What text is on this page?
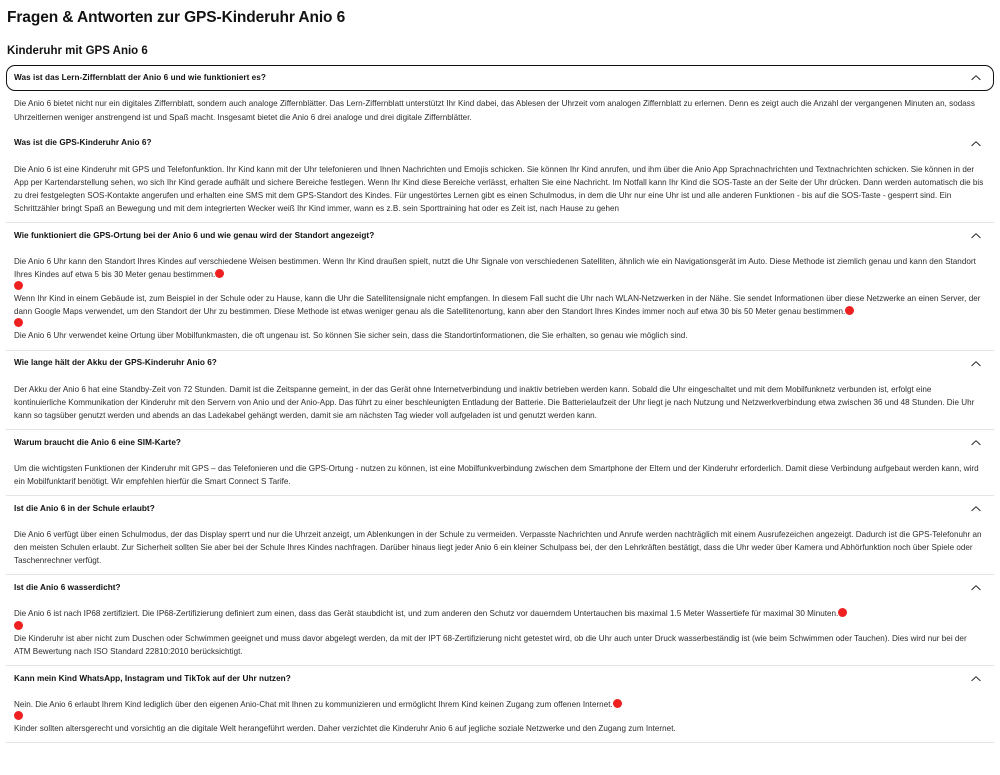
Fragen & Antworten zur GPS-Kinderuhr Anio 6
Kinderuhr mit GPS Anio 6
Was ist das Lern-Ziffernblatt der Anio 6 und wie funktioniert es?

Die Anio 6 bietet nicht nur ein digitales Ziffernblatt, sondern auch analoge Ziffernblätter. Das Lern-Ziffernblatt unterstützt Ihr Kind dabei, das Ablesen der Uhrzeit vom analogen Ziffernblatt zu erlernen. Denn es zeigt auch die Anzahl der vergangenen Minuten an, sodass Uhrzeitlernen weniger anstrengend ist und Spaß macht. Insgesamt bietet die Anio 6 drei analoge und drei digitale Ziffernblätter.

Was ist die GPS-Kinderuhr Anio 6?

Die Anio 6 ist eine Kinderuhr mit GPS und Telefonfunktion. Ihr Kind kann mit der Uhr telefonieren und Ihnen Nachrichten und Emojis schicken. Sie können Ihr Kind anrufen, und ihm über die Anio App Sprachnachrichten und Textnachrichten schicken. Sie können in der App per Kartendarstellung sehen, wo sich Ihr Kind gerade aufhält und sichere Bereiche festlegen. Wenn Ihr Kind diese Bereiche verlässt, erhalten Sie eine Nachricht. Im Notfall kann Ihr Kind die SOS-Taste an der Seite der Uhr drücken. Dann werden automatisch die bis zu drei festgelegten SOS-Kontakte angerufen und erhalten eine SMS mit dem GPS-Standort des Kindes. Für ungestörtes Lernen gibt es einen Schulmodus, in dem die Uhr nur eine Uhr ist und alle anderen Funktionen - bis auf die SOS-Taste - gesperrt sind. Ein Schrittzähler bringt Spaß an Bewegung und mit dem integrierten Wecker weiß Ihr Kind immer, wann es z.B. sein Sporttraining hat oder es Zeit ist, nach Hause zu gehen

Wie funktioniert die GPS-Ortung bei der Anio 6 und wie genau wird der Standort angezeigt?

Die Anio 6 Uhr kann den Standort Ihres Kindes auf verschiedene Weisen bestimmen. Wenn Ihr Kind draußen spielt, nutzt die Uhr Signale von verschiedenen Satelliten, ähnlich wie ein Navigationsgerät im Auto. Diese Methode ist ziemlich genau und kann den Standort Ihres Kindes auf etwa 5 bis 30 Meter genau bestimmen.

Wenn Ihr Kind in einem Gebäude ist, zum Beispiel in der Schule oder zu Hause, kann die Uhr die Satellitensignale nicht empfangen. In diesem Fall sucht die Uhr nach WLAN-Netzwerken in der Nähe. Sie sendet Informationen über diese Netzwerke an einen Server, der dann Google Maps verwendet, um den Standort der Uhr zu bestimmen. Diese Methode ist etwas weniger genau als die Satellitenortung, kann aber den Standort Ihres Kindes immer noch auf etwa 30 bis 50 Meter genau bestimmen.

Die Anio 6 Uhr verwendet keine Ortung über Mobilfunkmasten, die oft ungenau ist. So können Sie sicher sein, dass die Standortinformationen, die Sie erhalten, so genau wie möglich sind.

Wie lange hält der Akku der GPS-Kinderuhr Anio 6?

Der Akku der Anio 6 hat eine Standby-Zeit von 72 Stunden. Damit ist die Zeitspanne gemeint, in der das Gerät ohne Internetverbindung und inaktiv betrieben werden kann. Sobald die Uhr eingeschaltet und mit dem Mobilfunknetz verbunden ist, erfolgt eine kontinuierliche Kommunikation der Kinderuhr mit den Servern von Anio und der Anio-App. Das führt zu einer beschleunigten Entladung der Batterie. Die Batterielaufzeit der Uhr liegt je nach Nutzung und Netzwerkverbindung etwa zwischen 36 und 48 Stunden. Die Uhr kann so tagsüber genutzt werden und abends an das Ladekabel gehängt werden, damit sie am nächsten Tag wieder voll aufgeladen ist und genutzt werden kann.

Warum braucht die Anio 6 eine SIM-Karte?

Um die wichtigsten Funktionen der Kinderuhr mit GPS – das Telefonieren und die GPS-Ortung - nutzen zu können, ist eine Mobilfunkverbindung zwischen dem Smartphone der Eltern und der Kinderuhr erforderlich. Damit diese Verbindung aufgebaut werden kann, wird ein Mobilfunktarif benötigt. Wir empfehlen hierfür die Smart Connect S Tarife.

Ist die Anio 6 in der Schule erlaubt?

Die Anio 6 verfügt über einen Schulmodus, der das Display sperrt und nur die Uhrzeit anzeigt, um Ablenkungen in der Schule zu vermeiden. Verpasste Nachrichten und Anrufe werden nachträglich mit einem Ausrufezeichen angezeigt. Dadurch ist die GPS-Telefonuhr an den meisten Schulen erlaubt. Zur Sicherheit sollten Sie aber bei der Schule Ihres Kindes nachfragen. Darüber hinaus liegt jeder Anio 6 ein kleiner Schulpass bei, der den Lehrkräften bestätigt, dass die Uhr weder über Kamera und Abhörfunktion noch über Spiele oder Taschenrechner verfügt.

Ist die Anio 6 wasserdicht?

Die Anio 6 ist nach IP68 zertifiziert. Die IP68-Zertifizierung definiert zum einen, dass das Gerät staubdicht ist, und zum anderen den Schutz vor dauerndem Untertauchen bis maximal 1.5 Meter Wassertiefe für maximal 30 Minuten.

Die Kinderuhr ist aber nicht zum Duschen oder Schwimmen geeignet und muss davor abgelegt werden, da mit der IPT 68-Zertifizierung nicht getestet wird, ob die Uhr auch unter Druck wasserbeständig ist (wie beim Schwimmen oder Tauchen). Dies wird nur bei der ATM Bewertung nach ISO Standard 22810:2010 berücksichtigt.

Kann mein Kind WhatsApp, Instagram und TikTok auf der Uhr nutzen?

Nein. Die Anio 6 erlaubt Ihrem Kind lediglich über den eigenen Anio-Chat mit Ihnen zu kommunizieren und ermöglicht Ihrem Kind keinen Zugang zum offenen Internet.

Kinder sollten altersgerecht und vorsichtig an die digitale Welt herangeführt werden. Daher verzichtet die Kinderuhr Anio 6 auf jegliche soziale Netzwerke und den Zugang zum Internet.
